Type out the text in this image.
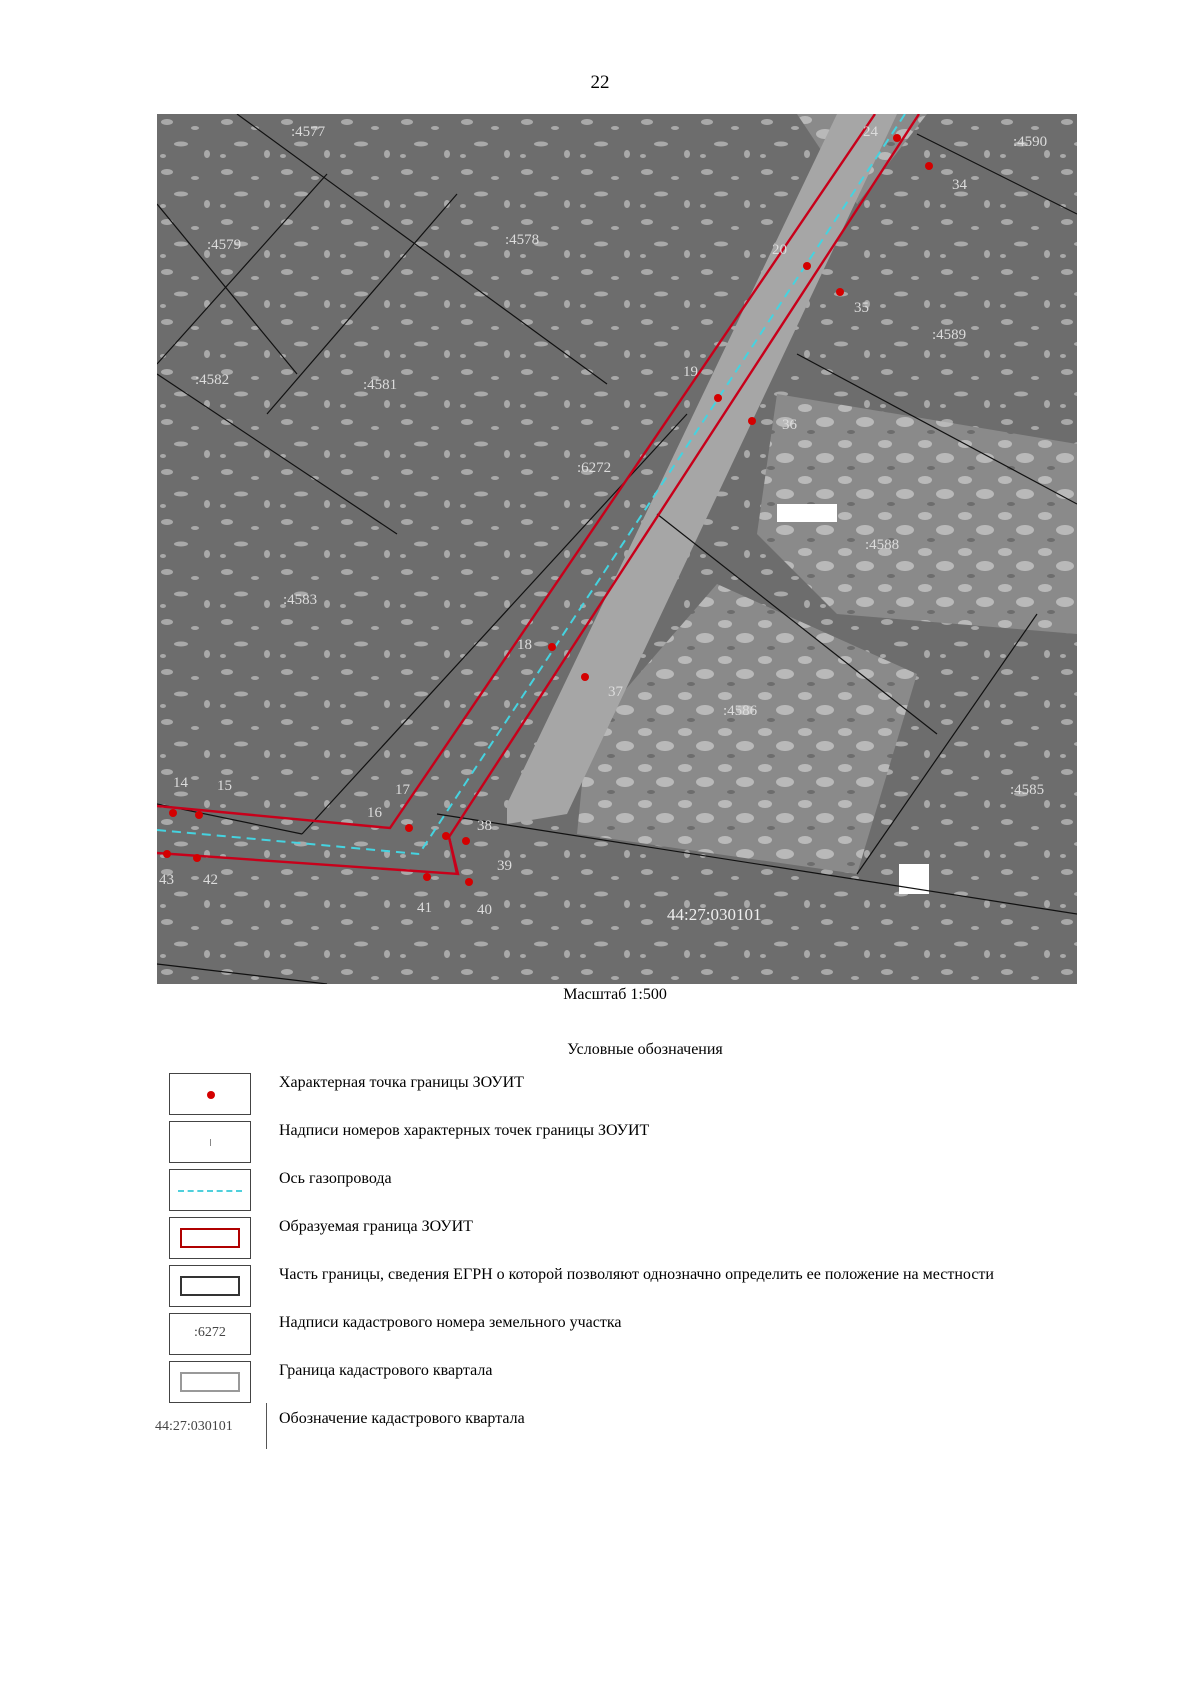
22
24
34
20
35
19
36
18
37
17
16
38
39
40
41
14 15
43 42
:4577
:4578
:4579
:4581
:4582
:4583
:6272
:4586
:4588
:4589
:4590
:4585
44:27:030101
Масштаб 1:500
Условные обозначения
Характерная точка границы ЗОУИТ
Надписи номеров характерных точек границы ЗОУИТ
Ось газопровода
Образуемая граница ЗОУИТ
Часть границы, сведения ЕГРН о которой позволяют однозначно определить ее положение на местности
:6272
Надписи кадастрового номера земельного участка
Граница кадастрового квартала
44:27:030101	Обозначение кадастрового квартала
